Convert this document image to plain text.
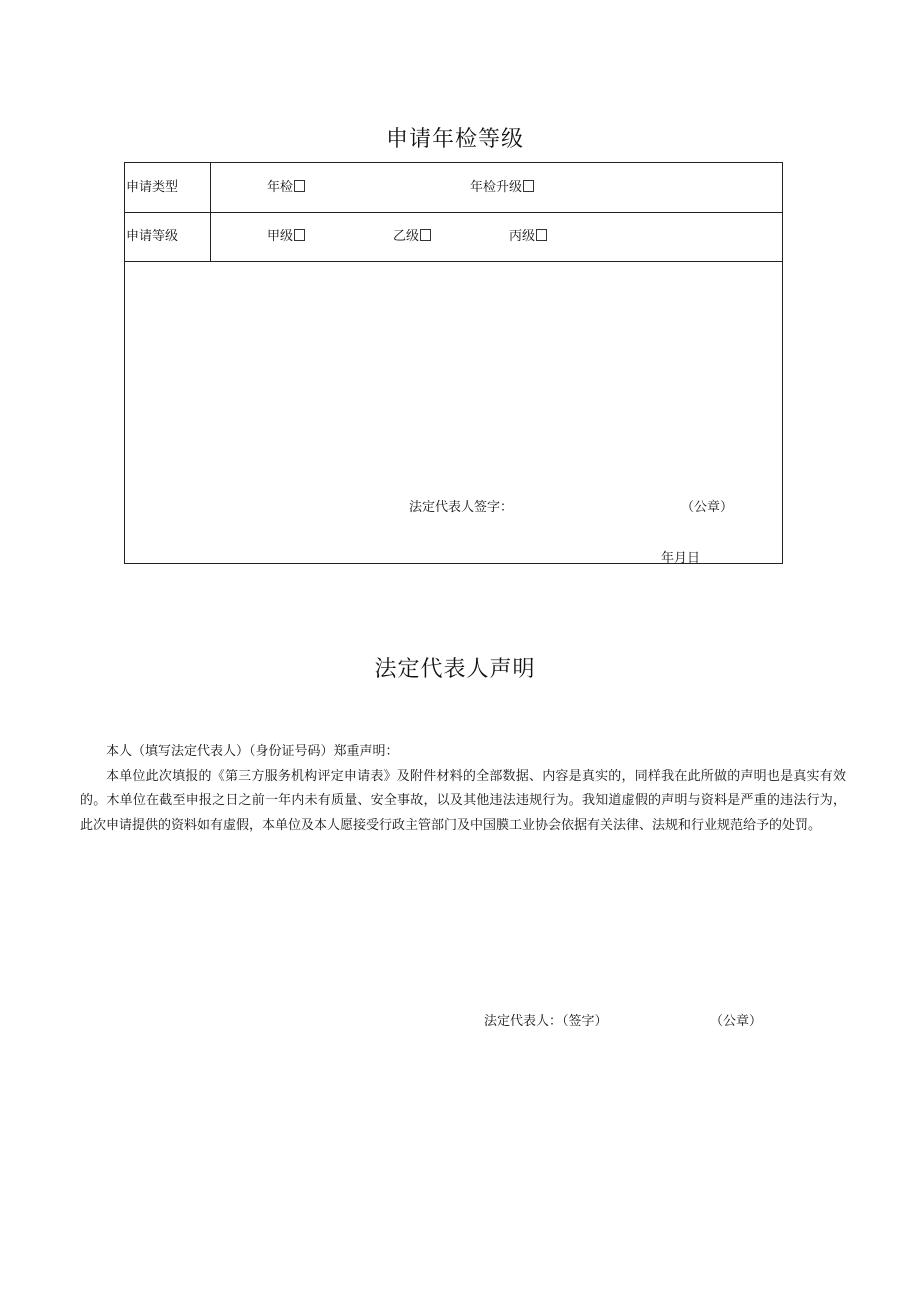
申请年检等级
申请类型	年检	年检升级
申请等级	甲级	乙级	丙级
法定代表人签字：	（公章）
年月日
法定代表人声明

本人（填写法定代表人）（身份证号码）郑重声明：

本单位此次填报的《第三方服务机构评定申请表》及附件材料的全部数据、内容是真实的，同样我在此所做的声明也是真实有效的。木单位在截至申报之日之前一年内未有质量、安全事故，以及其他违法违规行为。我知道虚假的声明与资料是严重的违法行为，此次申请提供的资料如有虚假，本单位及本人愿接受行政主管部门及中国膜工业协会依据有关法律、法规和行业规范给予的处罚。

法定代表人：（签字）	（公章）
